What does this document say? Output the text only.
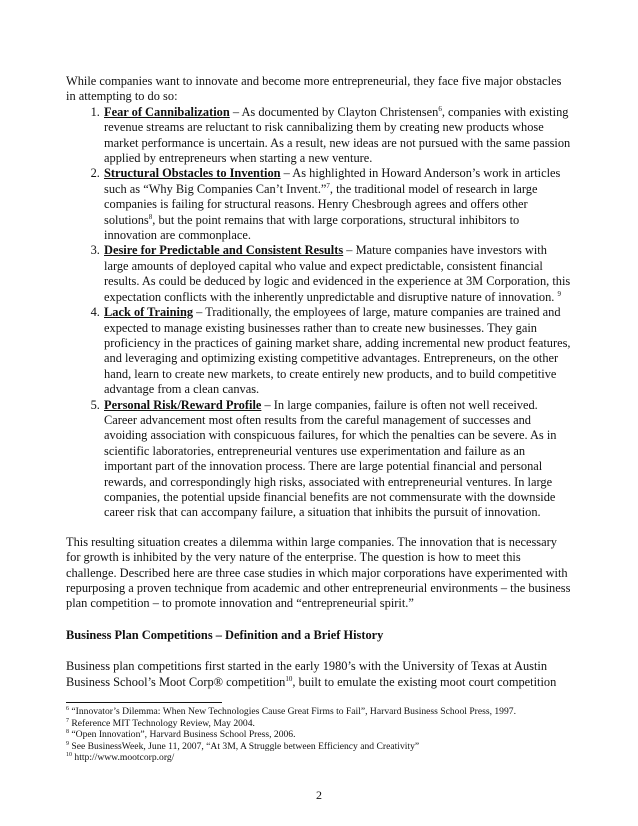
While companies want to innovate and become more entrepreneurial, they face five major obstacles in attempting to do so:

1. Fear of Cannibalization – As documented by Clayton Christensen$^6$, companies with existing revenue streams are reluctant to risk cannibalizing them by creating new products whose market performance is uncertain. As a result, new ideas are not pursued with the same passion applied by entrepreneurs when starting a new venture.
2. Structural Obstacles to Invention – As highlighted in Howard Anderson’s work in articles such as “Why Big Companies Can’t Invent.”$^7$, the traditional model of research in large companies is failing for structural reasons. Henry Chesbrough agrees and offers other solutions$^8$, but the point remains that with large corporations, structural inhibitors to innovation are commonplace.
3. Desire for Predictable and Consistent Results – Mature companies have investors with large amounts of deployed capital who value and expect predictable, consistent financial results. As could be deduced by logic and evidenced in the experience at 3M Corporation, this expectation conflicts with the inherently unpredictable and disruptive nature of innovation. $^9$
4. Lack of Training – Traditionally, the employees of large, mature companies are trained and expected to manage existing businesses rather than to create new businesses. They gain proficiency in the practices of gaining market share, adding incremental new product features, and leveraging and optimizing existing competitive advantages. Entrepreneurs, on the other hand, learn to create new markets, to create entirely new products, and to build competitive advantage from a clean canvas.
5. Personal Risk/Reward Profile – In large companies, failure is often not well received. Career advancement most often results from the careful management of successes and avoiding association with conspicuous failures, for which the penalties can be severe. As in scientific laboratories, entrepreneurial ventures use experimentation and failure as an important part of the innovation process. There are large potential financial and personal rewards, and correspondingly high risks, associated with entrepreneurial ventures. In large companies, the potential upside financial benefits are not commensurate with the downside career risk that can accompany failure, a situation that inhibits the pursuit of innovation.

This resulting situation creates a dilemma within large companies. The innovation that is necessary for growth is inhibited by the very nature of the enterprise. The question is how to meet this challenge. Described here are three case studies in which major corporations have experimented with repurposing a proven technique from academic and other entrepreneurial environments – the business plan competition – to promote innovation and “entrepreneurial spirit.”

Business Plan Competitions – Definition and a Brief History

Business plan competitions first started in the early 1980’s with the University of Texas at Austin Business School’s Moot Corp® competition$^{10}$, built to emulate the existing moot court competition

$^6$ “Innovator’s Dilemma: When New Technologies Cause Great Firms to Fail”, Harvard Business School Press, 1997.
$^7$ Reference MIT Technology Review, May 2004.
$^8$ “Open Innovation”, Harvard Business School Press, 2006.
$^9$ See BusinessWeek, June 11, 2007, “At 3M, A Struggle between Efficiency and Creativity”
$^{10}$ http://www.mootcorp.org/
2
